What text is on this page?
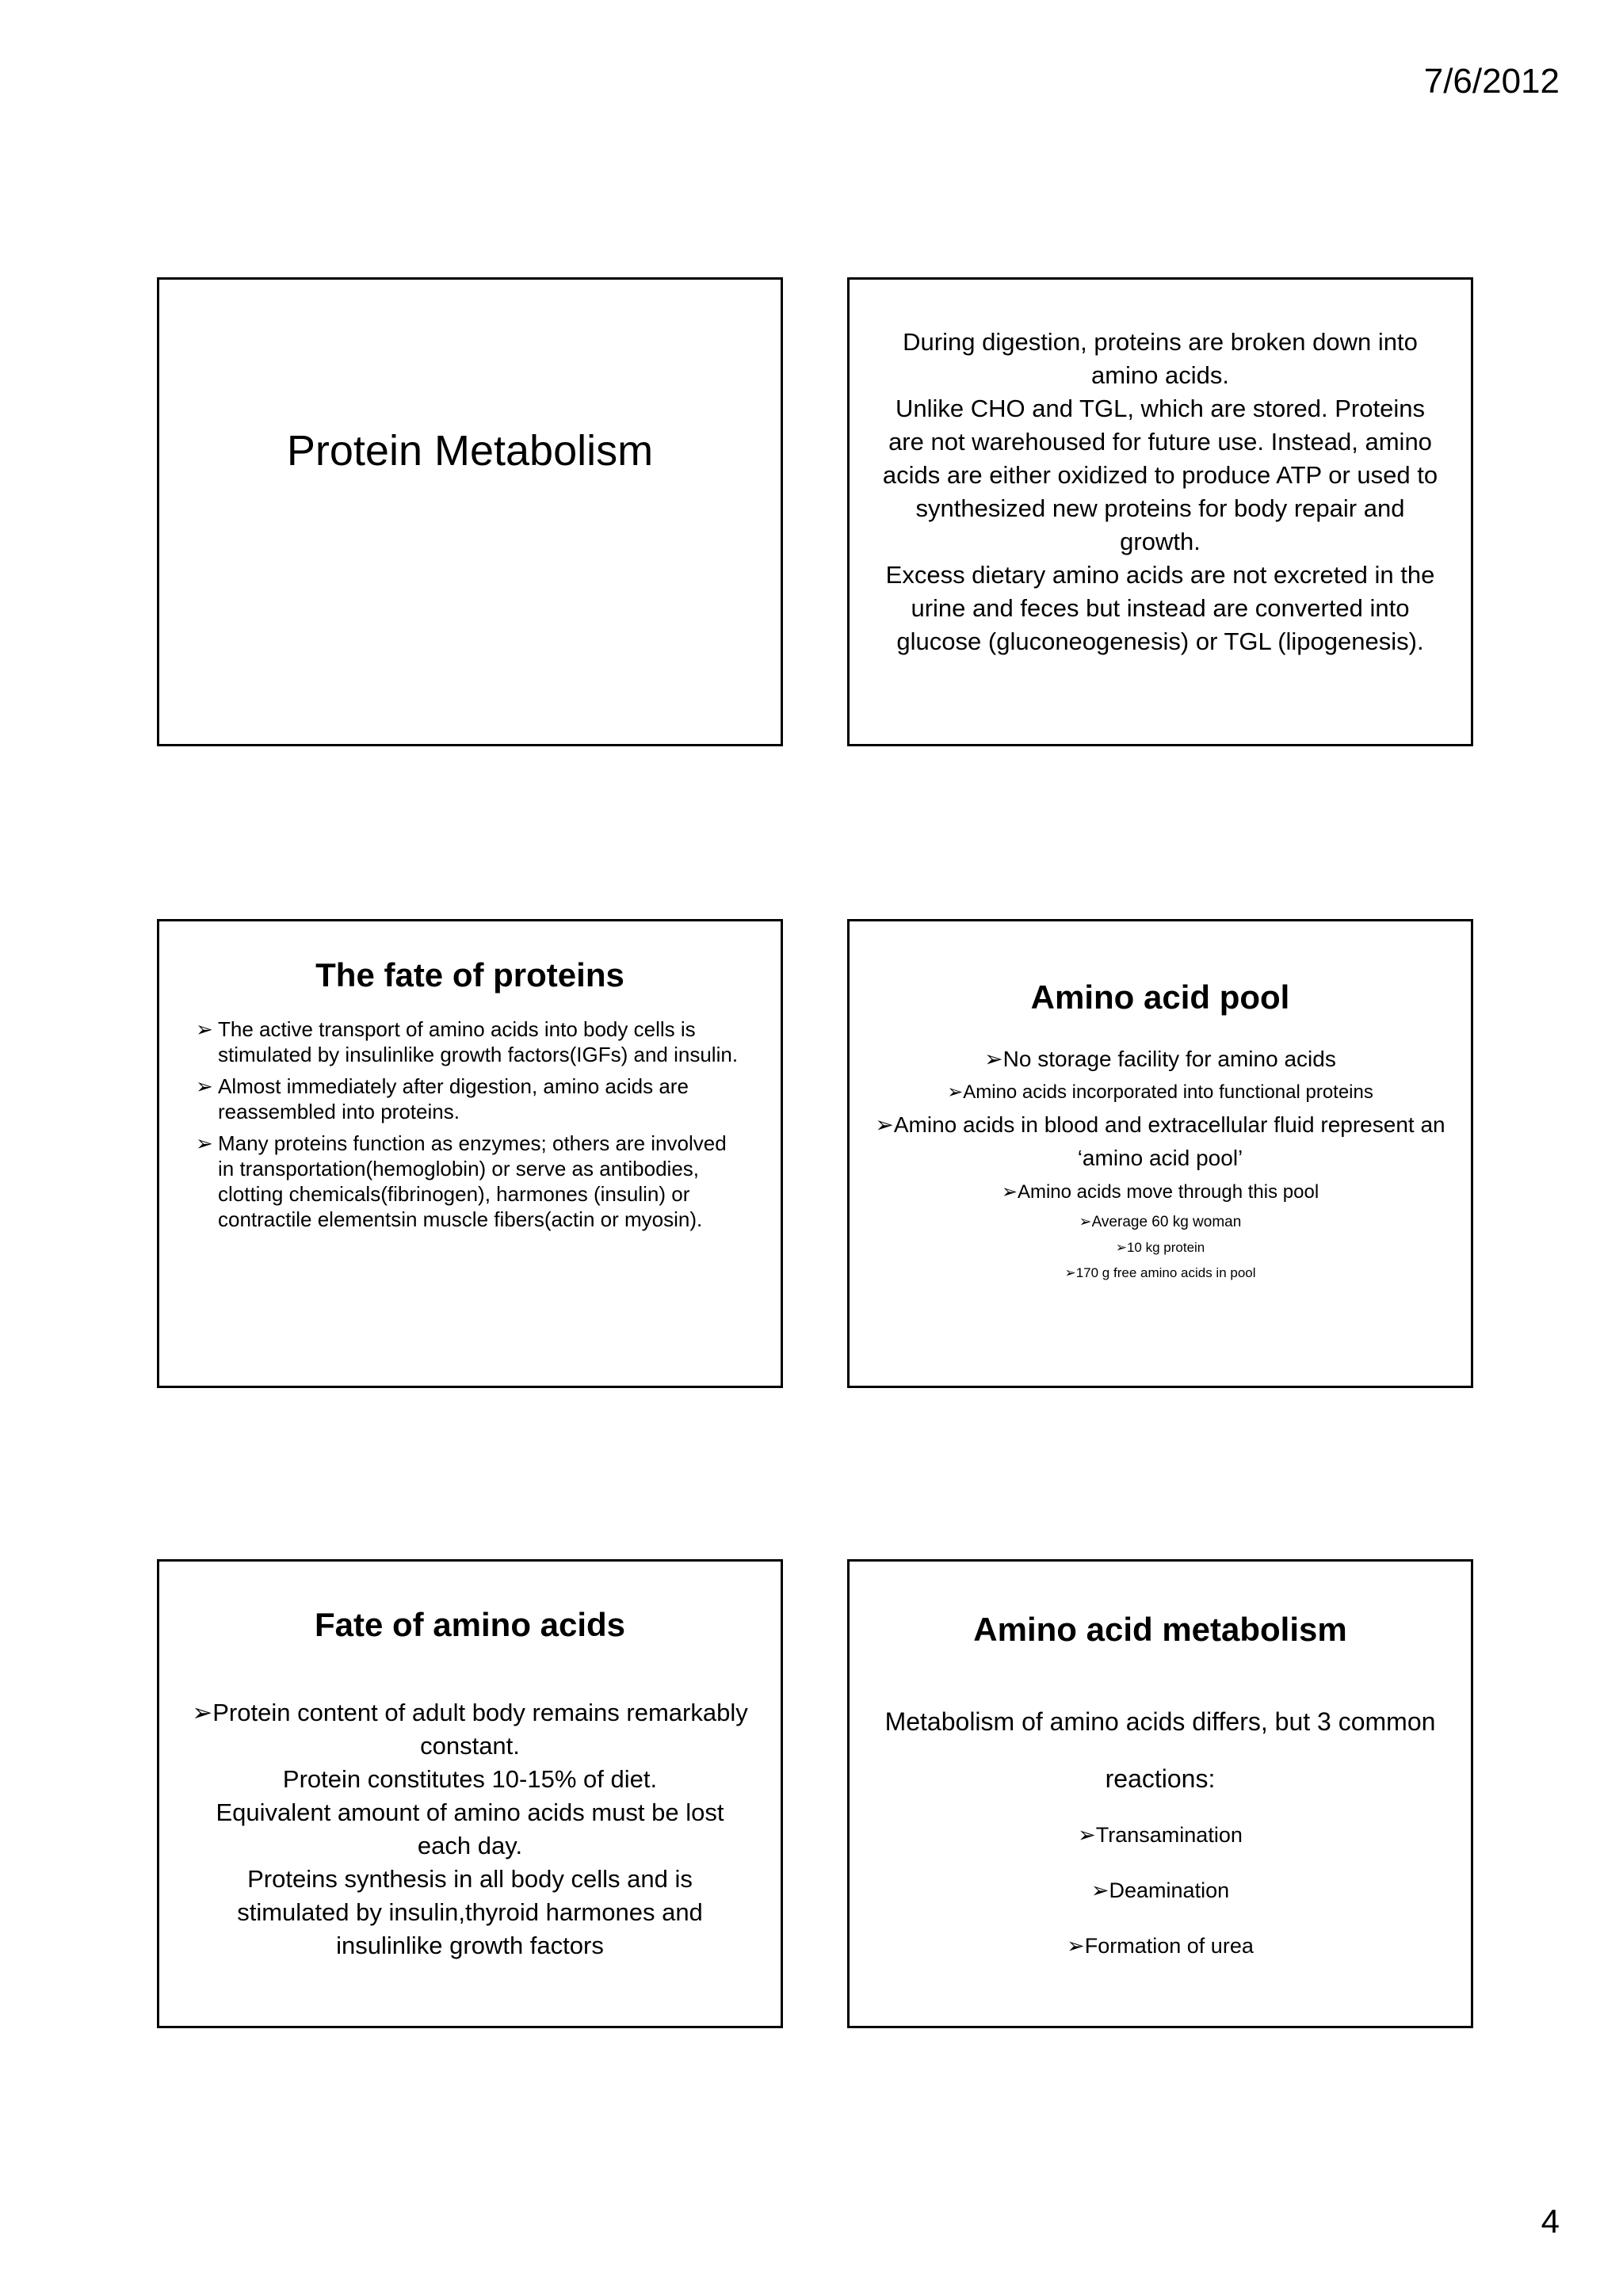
7/6/2012
Protein Metabolism

During digestion, proteins are broken down into amino acids.

Unlike CHO and TGL, which are stored. Proteins are not warehoused for future use. Instead, amino acids are either oxidized to produce ATP or used to synthesized new proteins for body repair and growth.

Excess dietary amino acids are not excreted in the urine and feces but instead are converted into glucose (gluconeogenesis) or TGL (lipogenesis).

The fate of proteins
➢ The active transport of amino acids into body cells is stimulated by insulinlike growth factors(IGFs) and insulin.
➢ Almost immediately after digestion, amino acids are reassembled into proteins.
➢ Many proteins function as enzymes; others are involved in transportation(hemoglobin) or serve as antibodies, clotting chemicals(fibrinogen), harmones (insulin) or contractile elementsin muscle fibers(actin or myosin).
Amino acid pool
➢No storage facility for amino acids
➢Amino acids incorporated into functional proteins
➢Amino acids in blood and extracellular fluid represent an ‘amino acid pool’
➢Amino acids move through this pool
➢Average 60 kg woman
➢10 kg protein
➢170 g free amino acids in pool
Fate of amino acids

➢Protein content of adult body remains remarkably constant.

Protein constitutes 10-15% of diet.

Equivalent amount of amino acids must be lost each day.

Proteins synthesis in all body cells and is stimulated by insulin,thyroid harmones and insulinlike growth factors

Amino acid metabolism

Metabolism of amino acids differs, but 3 common reactions:

➢Transamination

➢Deamination

➢Formation of urea

4
